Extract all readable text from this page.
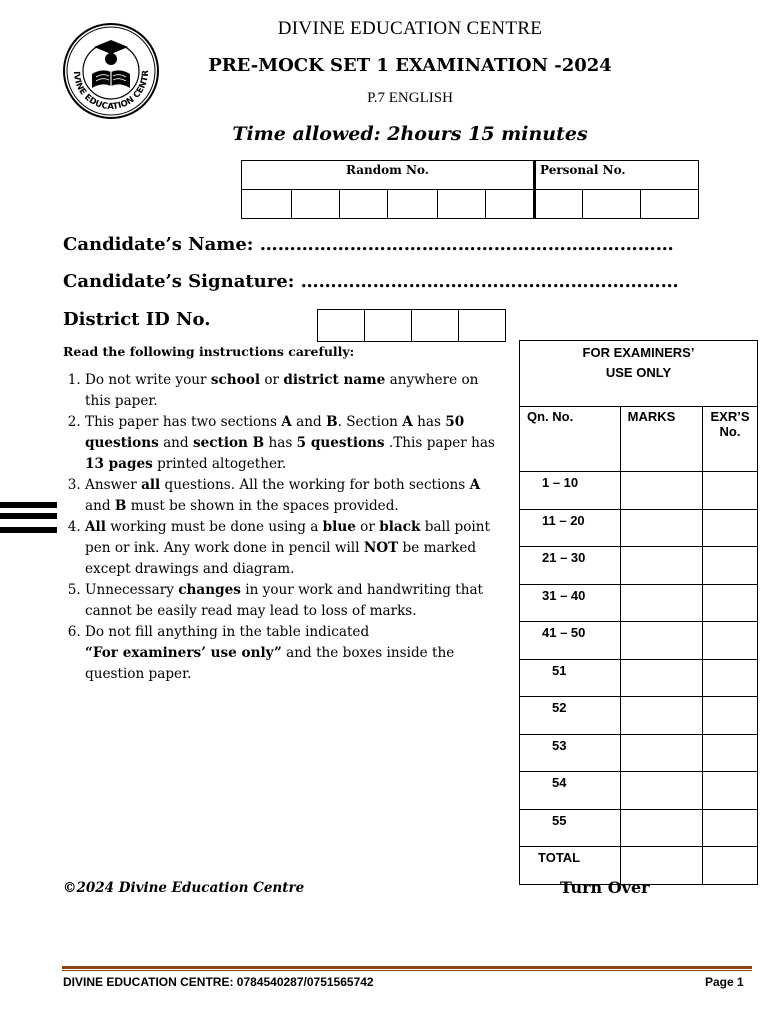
IVINE EDUCATION CENTR
DIVINE EDUCATION CENTRE
PRE-MOCK SET 1 EXAMINATION -2024
P.7 ENGLISH
Time allowed: 2hours 15 minutes
Random No.						Personal No.		

Candidate’s Name: ……………………………………………………………
Candidate’s Signature: ………………………………………………………
District ID No.

Read the following instructions carefully:
1. Do not write your school or district name anywhere on this paper.
2. This paper has two sections A and B. Section A has 50 questions and section B has 5 questions .This paper has 13 pages printed altogether.
3. Answer all questions. All the working for both sections A and B must be shown in the spaces provided.
4. All working must be done using a blue or black ball point pen or ink. Any work done in pencil will NOT be marked except drawings and diagram.
5. Unnecessary changes in your work and handwriting that cannot be easily read may lead to loss of marks.
6. Do not fill anything in the table indicated
“For examiners’ use only” and the boxes inside the question paper.
FOR EXAMINERS’
USE ONLY		
Qn. No.	MARKS	EXR’S
No.
1 – 10		
11 – 20		
21 – 30		
31 – 40		
41 – 50		
51		
52		
53		
54		
55		
TOTAL		
©2024 Divine Education Centre	Turn Over
DIVINE EDUCATION CENTRE: 0784540287/0751565742	Page 1
